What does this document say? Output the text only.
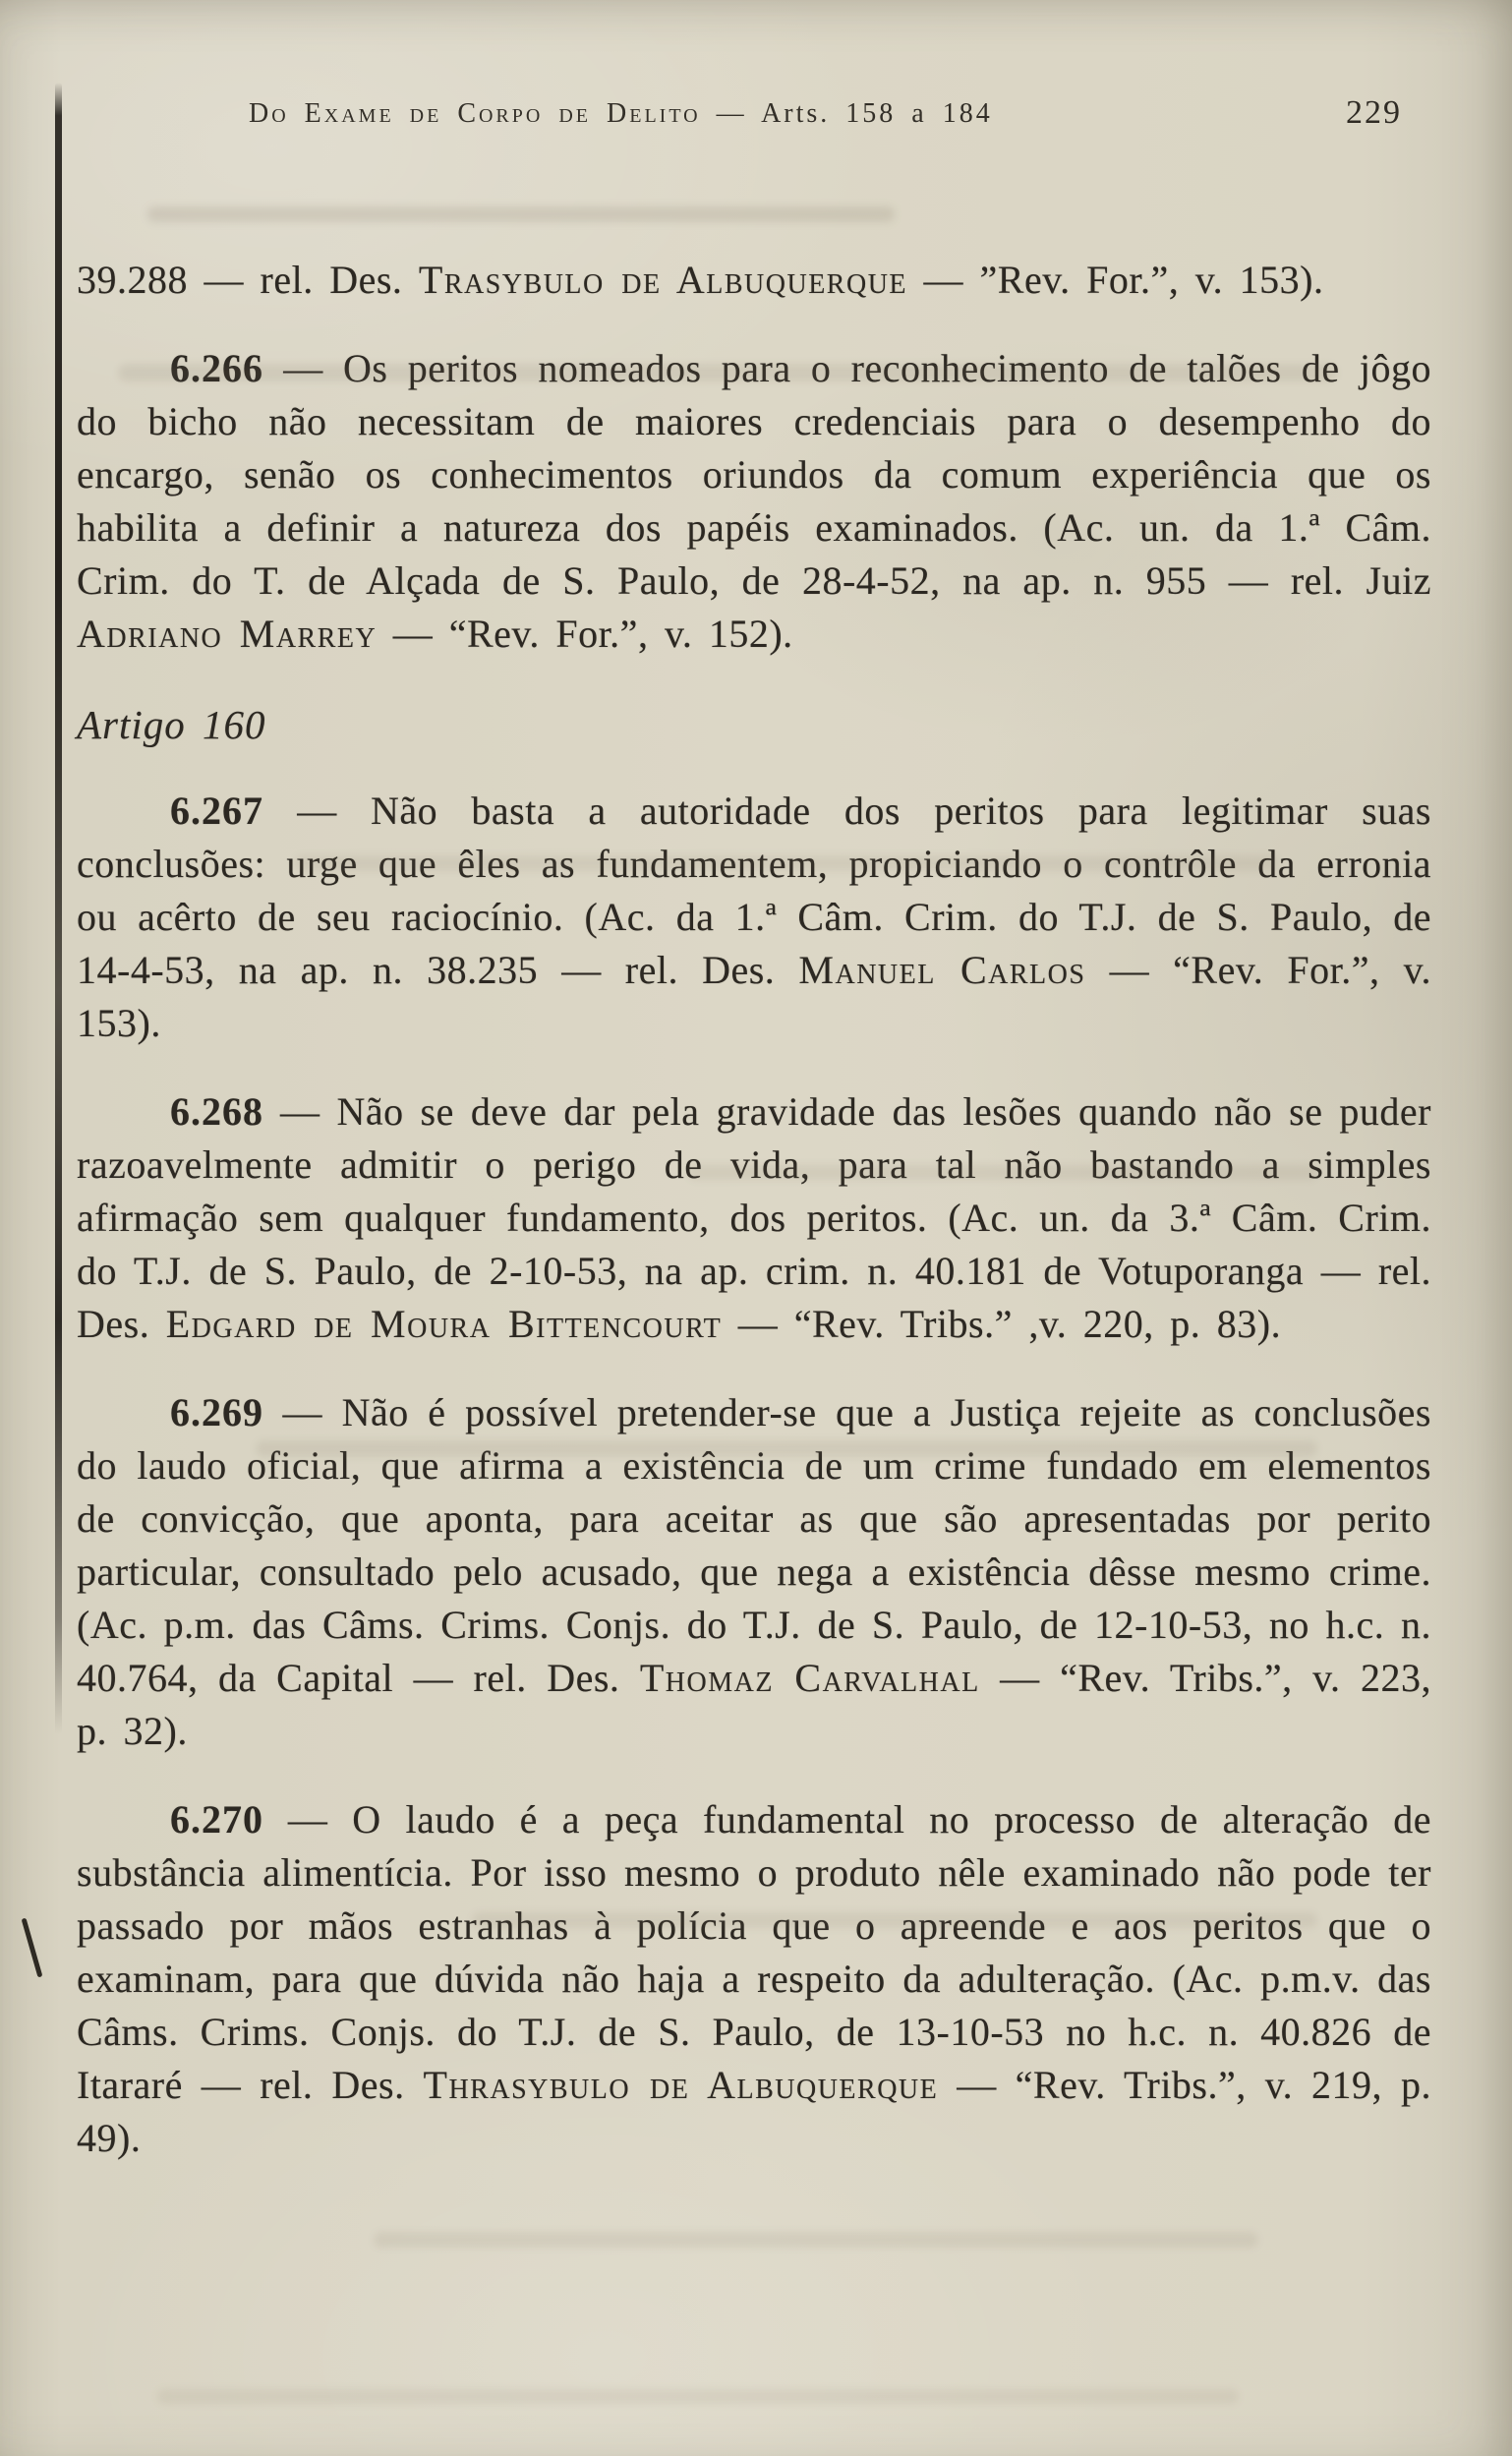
Do Exame de Corpo de Delito — Arts. 158 a 184	229

39.288 — rel. Des. Trasybulo de Albuquerque — ”Rev. For.”, v. 153).

6.266 — Os peritos nomeados para o reconhecimento de talões de jôgo do bicho não necessitam de maiores credenciais para o desempenho do encargo, senão os conhecimentos oriundos da comum experiência que os habilita a definir a natureza dos papéis examinados. (Ac. un. da 1.ª Câm. Crim. do T. de Alçada de S. Paulo, de 28-4-52, na ap. n. 955 — rel. Juiz Adriano Marrey — “Rev. For.”, v. 152).

Artigo 160

6.267 — Não basta a autoridade dos peritos para legitimar suas conclusões: urge que êles as fundamentem, propiciando o contrôle da erronia ou acêrto de seu raciocínio. (Ac. da 1.ª Câm. Crim. do T.J. de S. Paulo, de 14-4-53, na ap. n. 38.235 — rel. Des. Manuel Carlos — “Rev. For.”, v. 153).

6.268 — Não se deve dar pela gravidade das lesões quando não se puder razoavelmente admitir o perigo de vida, para tal não bastando a simples afirmação sem qualquer fundamento, dos peritos. (Ac. un. da 3.ª Câm. Crim. do T.J. de S. Paulo, de 2-10-53, na ap. crim. n. 40.181 de Votuporanga — rel. Des. Edgard de Moura Bittencourt — “Rev. Tribs.” ,v. 220, p. 83).

6.269 — Não é possível pretender-se que a Justiça rejeite as conclusões do laudo oficial, que afirma a existência de um crime fundado em elementos de convicção, que aponta, para aceitar as que são apresentadas por perito particular, consultado pelo acusado, que nega a existência dêsse mesmo crime. (Ac. p.m. das Câms. Crims. Conjs. do T.J. de S. Paulo, de 12-10-53, no h.c. n. 40.764, da Capital — rel. Des. Thomaz Carvalhal — “Rev. Tribs.”, v. 223, p. 32).

6.270 — O laudo é a peça fundamental no processo de alteração de substância alimentícia. Por isso mesmo o produto nêle examinado não pode ter passado por mãos estranhas à polícia que o apreende e aos peritos que o examinam, para que dúvida não haja a respeito da adulteração. (Ac. p.m.v. das Câms. Crims. Conjs. do T.J. de S. Paulo, de 13-10-53 no h.c. n. 40.826 de Itararé — rel. Des. Thrasybulo de Albuquerque — “Rev. Tribs.”, v. 219, p. 49).
